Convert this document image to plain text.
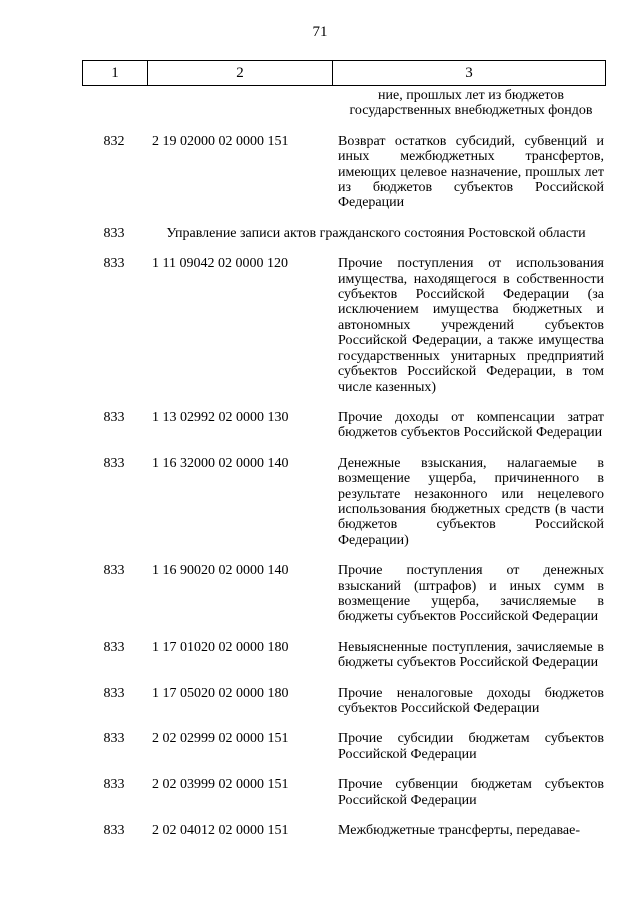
71
1	2	3
ние, прошлых лет из бюджетов государственных внебюджетных фондов
832	2 19 02000 02 0000 151	Возврат остатков субсидий, субвенций и иных межбюджетных трансфертов, имеющих целевое назначение, прошлых лет из бюджетов субъектов Российской Федерации
833	Управление записи актов гражданского состояния Ростовской области
833	1 11 09042 02 0000 120	Прочие поступления от использования имущества, находящегося в собственности субъектов Российской Федерации (за исключением имущества бюджетных и автономных учреждений субъектов Российской Федерации, а также имущества государственных унитарных предприятий субъектов Российской Федерации, в том числе казенных)
833	1 13 02992 02 0000 130	Прочие доходы от компенсации затрат бюджетов субъектов Российской Федерации
833	1 16 32000 02 0000 140	Денежные взыскания, налагаемые в возмещение ущерба, причиненного в результате незаконного или нецелевого использования бюджетных средств (в части бюджетов субъектов Российской Федерации)
833	1 16 90020 02 0000 140	Прочие поступления от денежных взысканий (штрафов) и иных сумм в возмещение ущерба, зачисляемые в бюджеты субъектов Российской Федерации
833	1 17 01020 02 0000 180	Невыясненные поступления, зачисляемые в бюджеты субъектов Российской Федерации
833	1 17 05020 02 0000 180	Прочие неналоговые доходы бюджетов субъектов Российской Федерации
833	2 02 02999 02 0000 151	Прочие субсидии бюджетам субъектов Российской Федерации
833	2 02 03999 02 0000 151	Прочие субвенции бюджетам субъектов Российской Федерации
833	2 02 04012 02 0000 151	Межбюджетные трансферты, передавае-
